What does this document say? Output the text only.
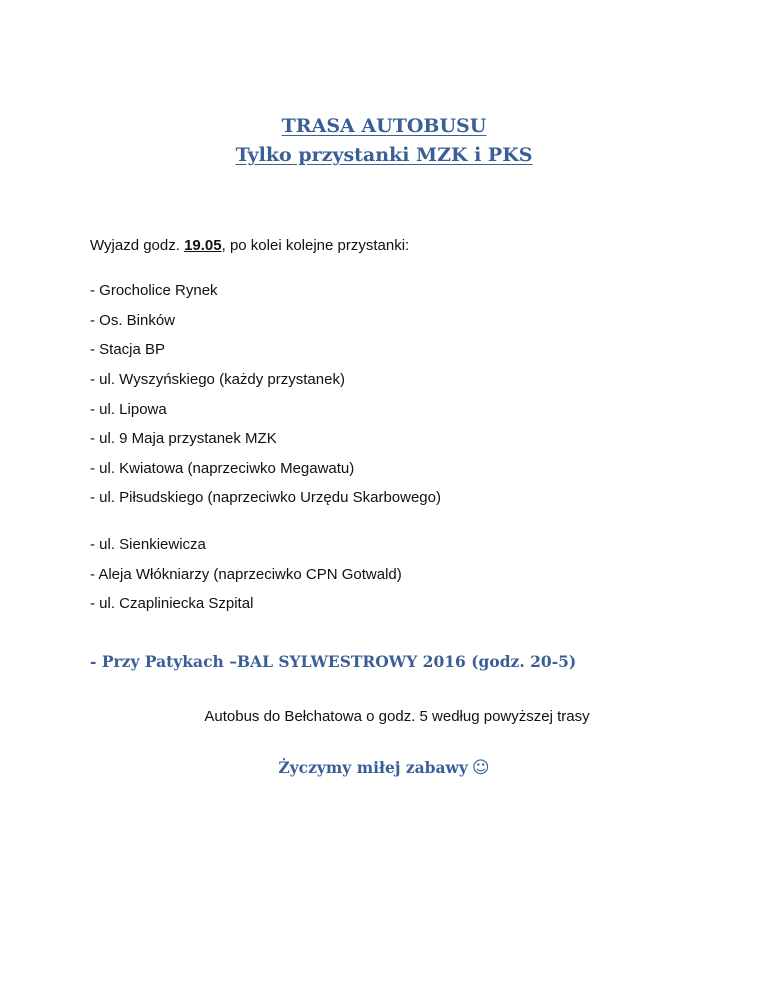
TRASA AUTOBUSU
Tylko przystanki MZK i PKS
Wyjazd godz. 19.05, po kolei kolejne przystanki:
- Grocholice Rynek
- Os. Binków
- Stacja BP
- ul. Wyszyńskiego (każdy przystanek)
- ul. Lipowa
- ul. 9 Maja przystanek MZK
- ul. Kwiatowa (naprzeciwko Megawatu)
- ul. Piłsudskiego (naprzeciwko Urzędu Skarbowego)
- ul. Sienkiewicza
- Aleja Włókniarzy (naprzeciwko CPN Gotwald)
- ul. Czapliniecka Szpital
- Przy Patykach –BAL SYLWESTROWY 2016 (godz. 20-5)
Autobus do Bełchatowa o godz. 5 według powyższej trasy
Życzymy miłej zabawy ☺
